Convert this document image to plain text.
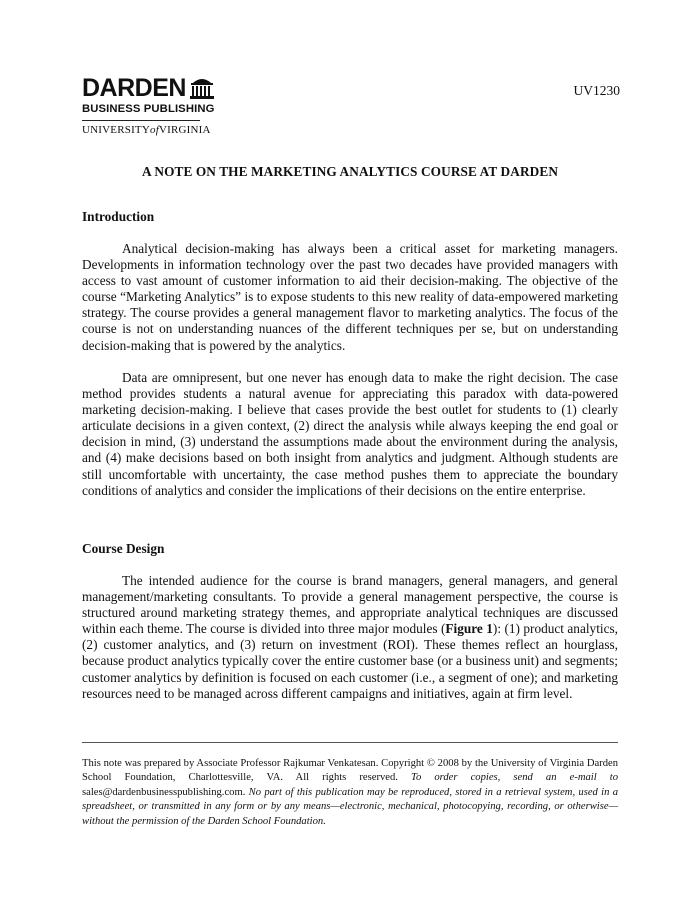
DARDEN
BUSINESS PUBLISHING
UNIVERSITYofVIRGINIA
UV1230
A NOTE ON THE MARKETING ANALYTICS COURSE AT DARDEN
Introduction

Analytical decision-making has always been a critical asset for marketing managers. Developments in information technology over the past two decades have provided managers with access to vast amount of customer information to aid their decision-making. The objective of the course “Marketing Analytics” is to expose students to this new reality of data-empowered marketing strategy. The course provides a general management flavor to marketing analytics. The focus of the course is not on understanding nuances of the different techniques per se, but on understanding decision-making that is powered by the analytics.

Data are omnipresent, but one never has enough data to make the right decision. The case method provides students a natural avenue for appreciating this paradox with data-powered marketing decision-making. I believe that cases provide the best outlet for students to (1) clearly articulate decisions in a given context, (2) direct the analysis while always keeping the end goal or decision in mind, (3) understand the assumptions made about the environment during the analysis, and (4) make decisions based on both insight from analytics and judgment. Although students are still uncomfortable with uncertainty, the case method pushes them to appreciate the boundary conditions of analytics and consider the implications of their decisions on the entire enterprise.

Course Design

The intended audience for the course is brand managers, general managers, and general management/marketing consultants. To provide a general management perspective, the course is structured around marketing strategy themes, and appropriate analytical techniques are discussed within each theme. The course is divided into three major modules (Figure 1): (1) product analytics, (2) customer analytics, and (3) return on investment (ROI). These themes reflect an hourglass, because product analytics typically cover the entire customer base (or a business unit) and segments; customer analytics by definition is focused on each customer (i.e., a segment of one); and marketing resources need to be managed across different campaigns and initiatives, again at firm level.

This note was prepared by Associate Professor Rajkumar Venkatesan. Copyright © 2008 by the University of Virginia Darden School Foundation, Charlottesville, VA. All rights reserved. To order copies, send an e-mail to sales@dardenbusinesspublishing.com. No part of this publication may be reproduced, stored in a retrieval system, used in a spreadsheet, or transmitted in any form or by any means—electronic, mechanical, photocopying, recording, or otherwise—without the permission of the Darden School Foundation.
